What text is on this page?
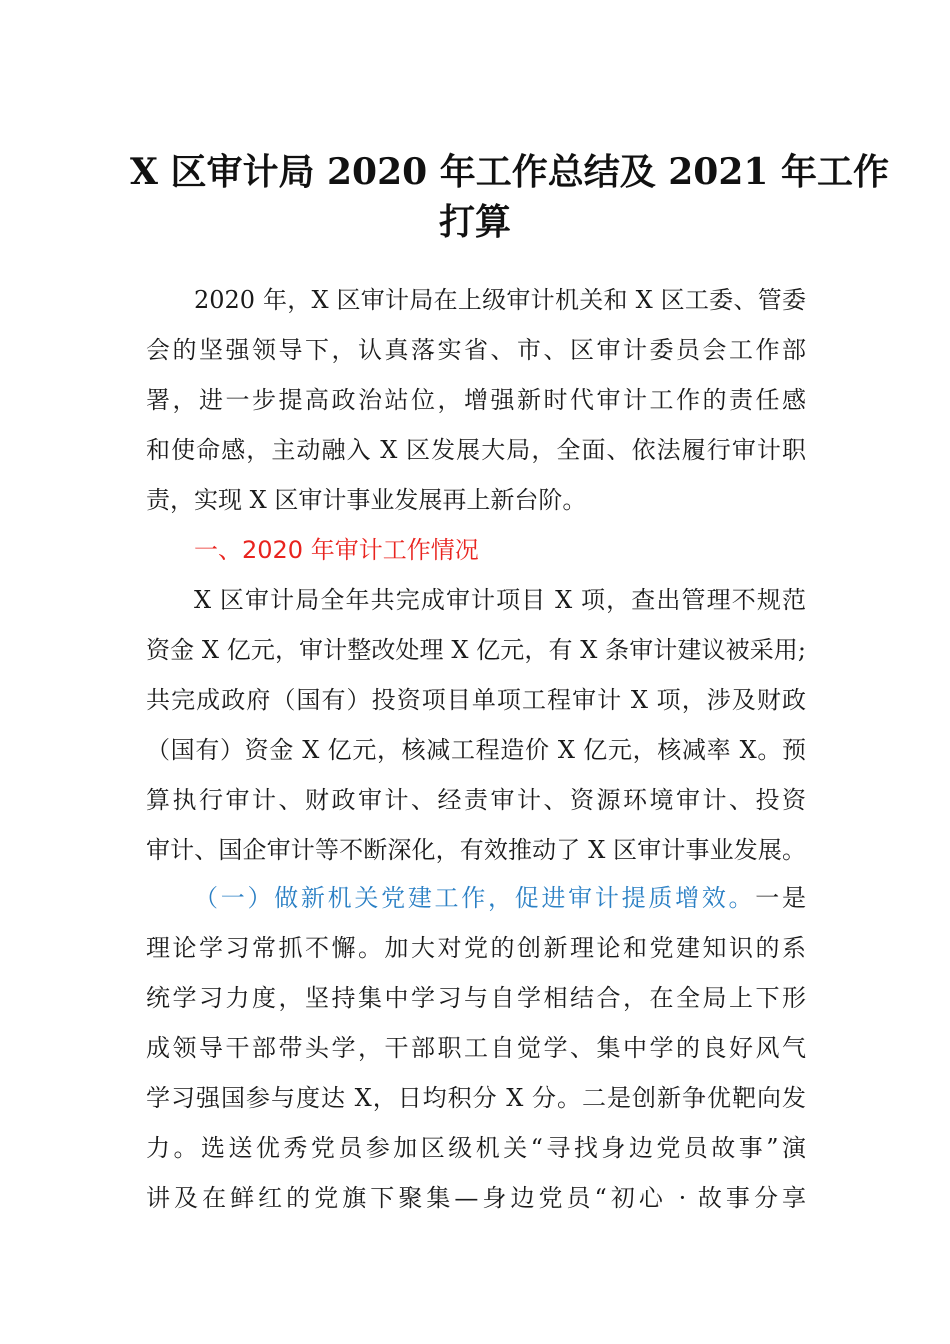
X 区审计局 2020 年工作总结及 2021 年工作
打算
2020 年，X 区审计局在上级审计机关和 X 区工委、管委
会的坚强领导下，认真落实省、市、区审计委员会工作部
署，进一步提高政治站位，增强新时代审计工作的责任感
和使命感，主动融入 X 区发展大局，全面、依法履行审计职
责，实现 X 区审计事业发展再上新台阶。
一、2020 年审计工作情况
X 区审计局全年共完成审计项目 X 项，查出管理不规范
资金 X 亿元，审计整改处理 X 亿元，有 X 条审计建议被采用;
共完成政府（国有）投资项目单项工程审计 X 项，涉及财政
（国有）资金 X 亿元，核减工程造价 X 亿元，核减率 X。预
算执行审计、财政审计、经责审计、资源环境审计、投资
审计、国企审计等不断深化，有效推动了 X 区审计事业发展。
（一）做新机关党建工作，促进审计提质增效。一是
理论学习常抓不懈。加大对党的创新理论和党建知识的系
统学习力度，坚持集中学习与自学相结合，在全局上下形
成领导干部带头学，干部职工自觉学、集中学的良好风气
学习强国参与度达 X，日均积分 X 分。二是创新争优靶向发
力。选送优秀党员参加区级机关“寻找身边党员故事”演
讲及在鲜红的党旗下聚集—身边党员“初心 · 故事分享
